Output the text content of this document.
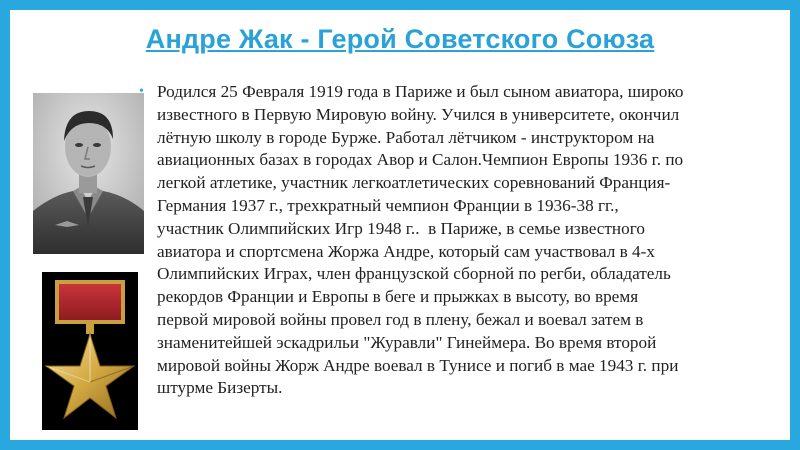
Андре Жак - Герой Советского Союза
• Родился 25 Февраля 1919 года в Париже и был сыном авиатора, широко
известного в Первую Мировую войну. Учился в университете, окончил
лётную школу в городе Бурже. Работал лётчиком - инструктором на
авиационных базах в городах Авор и Салон.Чемпион Европы 1936 г. по
легкой атлетике, участник легкоатлетических соревнований Франция-
Германия 1937 г., трехкратный чемпион Франции в 1936-38 гг.,
участник Олимпийских Игр 1948 г..  в Париже, в семье известного
авиатора и спортсмена Жоржа Андре, который сам участвовал в 4-х
Олимпийских Играх, член французской сборной по регби, обладатель
рекордов Франции и Европы в беге и прыжках в высоту, во время
первой мировой войны провел год в плену, бежал и воевал затем в
знаменитейшей эскадрильи "Журавли" Гинеймера. Во время второй
мировой войны Жорж Андре воевал в Тунисе и погиб в мае 1943 г. при
штурме Бизерты.
